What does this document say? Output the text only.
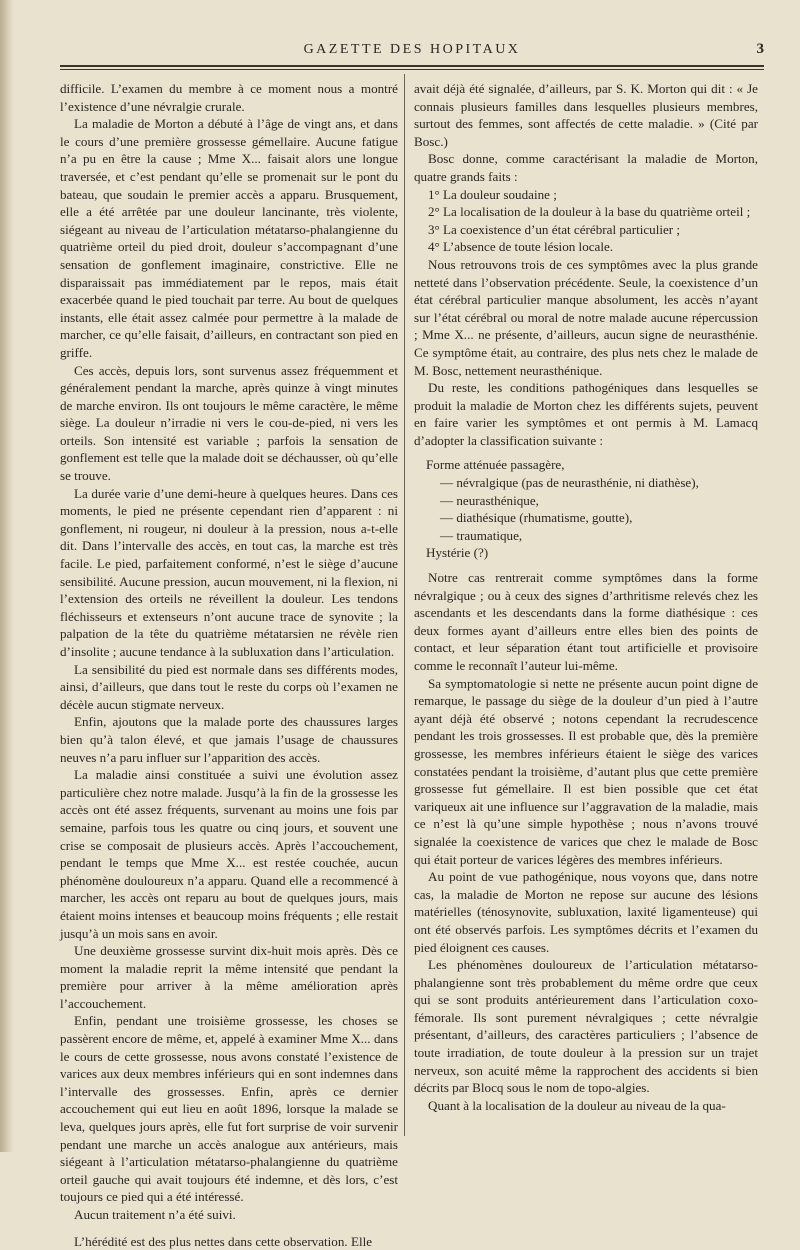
GAZETTE DES HOPITAUX	3

difficile. L’examen du membre à ce moment nous a montré l’existence d’une névralgie crurale.

La maladie de Morton a débuté à l’âge de vingt ans, et dans le cours d’une première grossesse gémellaire. Aucune fatigue n’a pu en être la cause ; Mme X... faisait alors une longue traversée, et c’est pendant qu’elle se promenait sur le pont du bateau, que soudain le premier accès a apparu. Brusquement, elle a été arrêtée par une douleur lancinante, très violente, siégeant au niveau de l’articulation métatarso-phalangienne du quatrième orteil du pied droit, douleur s’accompagnant d’une sensation de gonflement imaginaire, constrictive. Elle ne disparaissait pas immédiatement par le repos, mais était exacerbée quand le pied touchait par terre. Au bout de quelques instants, elle était assez calmée pour permettre à la malade de marcher, ce qu’elle faisait, d’ailleurs, en contractant son pied en griffe.

Ces accès, depuis lors, sont survenus assez fréquemment et généralement pendant la marche, après quinze à vingt minutes de marche environ. Ils ont toujours le même caractère, le même siège. La douleur n’irradie ni vers le cou-de-pied, ni vers les orteils. Son intensité est variable ; parfois la sensation de gonflement est telle que la malade doit se déchausser, où qu’elle se trouve.

La durée varie d’une demi-heure à quelques heures. Dans ces moments, le pied ne présente cependant rien d’apparent : ni gonflement, ni rougeur, ni douleur à la pression, nous a-t-elle dit. Dans l’intervalle des accès, en tout cas, la marche est très facile. Le pied, parfaitement conformé, n’est le siège d’aucune sensibilité. Aucune pression, aucun mouvement, ni la flexion, ni l’extension des orteils ne réveillent la douleur. Les tendons fléchisseurs et extenseurs n’ont aucune trace de synovite ; la palpation de la tête du quatrième métatarsien ne révèle rien d’insolite ; aucune tendance à la subluxation dans l’articulation.

La sensibilité du pied est normale dans ses différents modes, ainsi, d’ailleurs, que dans tout le reste du corps où l’examen ne décèle aucun stigmate nerveux.

Enfin, ajoutons que la malade porte des chaussures larges bien qu’à talon élevé, et que jamais l’usage de chaussures neuves n’a paru influer sur l’apparition des accès.

La maladie ainsi constituée a suivi une évolution assez particulière chez notre malade. Jusqu’à la fin de la grossesse les accès ont été assez fréquents, survenant au moins une fois par semaine, parfois tous les quatre ou cinq jours, et souvent une crise se composait de plusieurs accès. Après l’accouchement, pendant le temps que Mme X... est restée couchée, aucun phénomène douloureux n’a apparu. Quand elle a recommencé à marcher, les accès ont reparu au bout de quelques jours, mais étaient moins intenses et beaucoup moins fréquents ; elle restait jusqu’à un mois sans en avoir.

Une deuxième grossesse survint dix-huit mois après. Dès ce moment la maladie reprit la même intensité que pendant la première pour arriver à la même amélioration après l’accouchement.

Enfin, pendant une troisième grossesse, les choses se passèrent encore de même, et, appelé à examiner Mme X... dans le cours de cette grossesse, nous avons constaté l’existence de varices aux deux membres inférieurs qui en sont indemnes dans l’intervalle des grossesses. Enfin, après ce dernier accouchement qui eut lieu en août 1896, lorsque la malade se leva, quelques jours après, elle fut fort surprise de voir survenir pendant une marche un accès analogue aux antérieurs, mais siégeant à l’articulation métatarso-phalangienne du quatrième orteil gauche qui avait toujours été indemne, et dès lors, c’est toujours ce pied qui a été intéressé.

Aucun traitement n’a été suivi.

L’hérédité est des plus nettes dans cette observation. Elle

avait déjà été signalée, d’ailleurs, par S. K. Morton qui dit : « Je connais plusieurs familles dans lesquelles plusieurs membres, surtout des femmes, sont affectés de cette maladie. » (Cité par Bosc.)

Bosc donne, comme caractérisant la maladie de Morton, quatre grands faits :

1° La douleur soudaine ;

2° La localisation de la douleur à la base du quatrième orteil ;

3° La coexistence d’un état cérébral particulier ;

4° L’absence de toute lésion locale.

Nous retrouvons trois de ces symptômes avec la plus grande netteté dans l’observation précédente. Seule, la coexistence d’un état cérébral particulier manque absolument, les accès n’ayant sur l’état cérébral ou moral de notre malade aucune répercussion ; Mme X... ne présente, d’ailleurs, aucun signe de neurasthénie. Ce symptôme était, au contraire, des plus nets chez le malade de M. Bosc, nettement neurasthénique.

Du reste, les conditions pathogéniques dans lesquelles se produit la maladie de Morton chez les différents sujets, peuvent en faire varier les symptômes et ont permis à M. Lamacq d’adopter la classification suivante :

Forme atténuée passagère,
— névralgique (pas de neurasthénie, ni diathèse),
— neurasthénique,
— diathésique (rhumatisme, goutte),
— traumatique,
Hystérie (?)

Notre cas rentrerait comme symptômes dans la forme névralgique ; ou à ceux des signes d’arthritisme relevés chez les ascendants et les descendants dans la forme diathésique : ces deux formes ayant d’ailleurs entre elles bien des points de contact, et leur séparation étant tout artificielle et provisoire comme le reconnaît l’auteur lui-même.

Sa symptomatologie si nette ne présente aucun point digne de remarque, le passage du siège de la douleur d’un pied à l’autre ayant déjà été observé ; notons cependant la recrudescence pendant les trois grossesses. Il est probable que, dès la première grossesse, les membres inférieurs étaient le siège des varices constatées pendant la troisième, d’autant plus que cette première grossesse fut gémellaire. Il est bien possible que cet état variqueux ait une influence sur l’aggravation de la maladie, mais ce n’est là qu’une simple hypothèse ; nous n’avons trouvé signalée la coexistence de varices que chez le malade de Bosc qui était porteur de varices légères des membres inférieurs.

Au point de vue pathogénique, nous voyons que, dans notre cas, la maladie de Morton ne repose sur aucune des lésions matérielles (ténosynovite, subluxation, laxité ligamenteuse) qui ont été observés parfois. Les symptômes décrits et l’examen du pied éloignent ces causes.

Les phénomènes douloureux de l’articulation métatarso-phalangienne sont très probablement du même ordre que ceux qui se sont produits antérieurement dans l’articulation coxo-fémorale. Ils sont purement névralgiques ; cette névralgie présentant, d’ailleurs, des caractères particuliers ; l’absence de toute irradiation, de toute douleur à la pression sur un trajet nerveux, son acuité même la rapprochent des accidents si bien décrits par Blocq sous le nom de topo-algies.

Quant à la localisation de la douleur au niveau de la qua-
